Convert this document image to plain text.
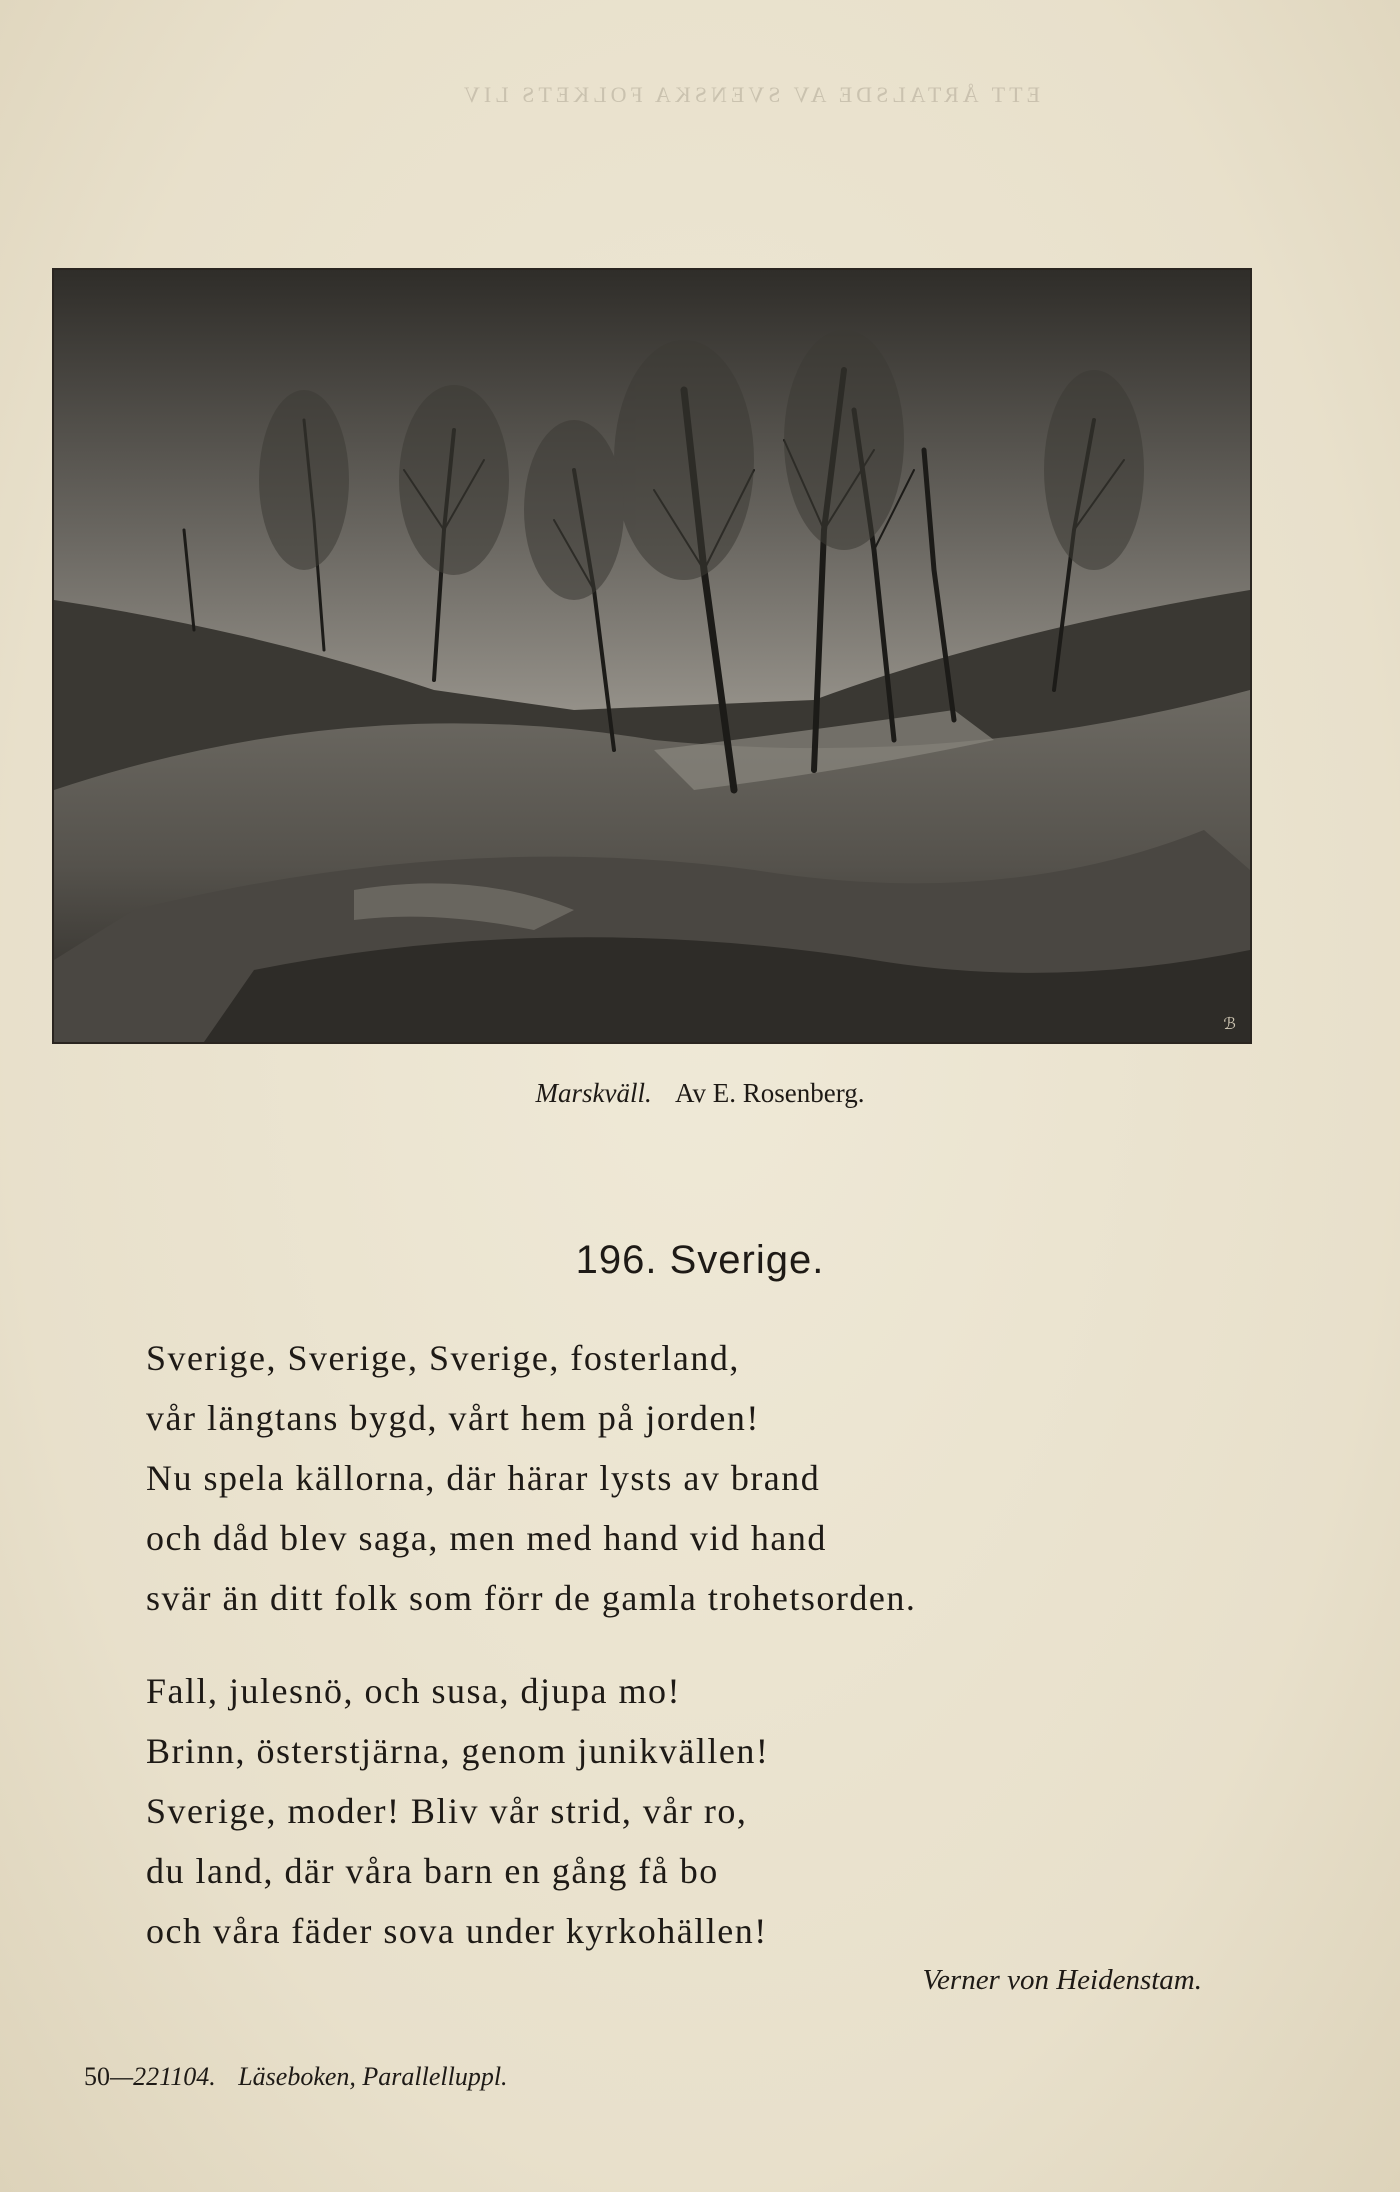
ETT ÅRTALSDE AV SVENSKA FOLKETS LIV
ℬ
Marskväll. Av E. Rosenberg.
196. Sverige.
Sverige, Sverige, Sverige, fosterland,
vår längtans bygd, vårt hem på jorden!
Nu spela källorna, där härar lysts av brand
och dåd blev saga, men med hand vid hand
svär än ditt folk som förr de gamla trohetsorden.
Fall, julesnö, och susa, djupa mo!
Brinn, österstjärna, genom junikvällen!
Sverige, moder! Bliv vår strid, vår ro,
du land, där våra barn en gång få bo
och våra fäder sova under kyrkohällen!
Verner von Heidenstam.
50—221104. Läseboken, Parallelluppl.
